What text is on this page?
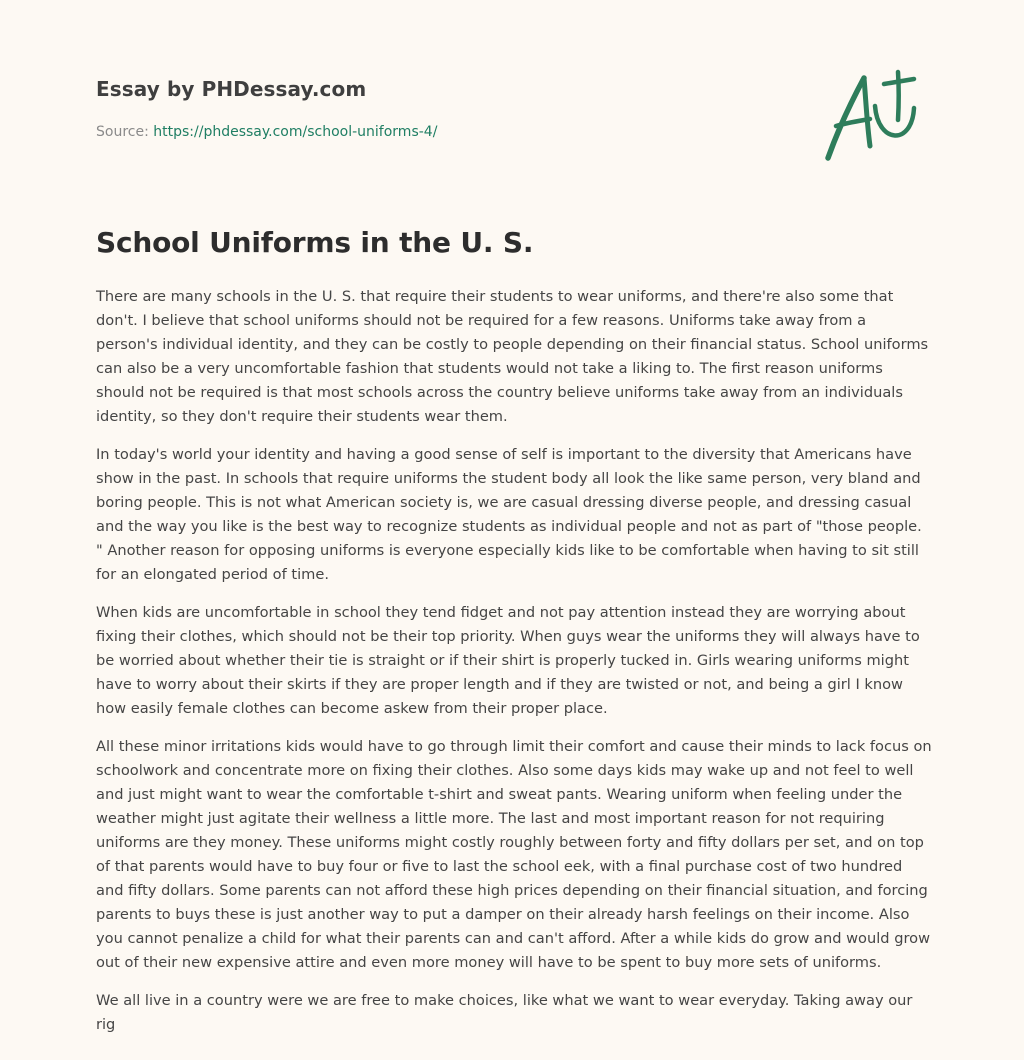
Essay by PHDessay.com
Source: https://phdessay.com/school-uniforms-4/
School Uniforms in the U. S.

There are many schools in the U. S. that require their students to wear uniforms, and there're also some that don't. I believe that school uniforms should not be required for a few reasons. Uniforms take away from a person's individual identity, and they can be costly to people depending on their financial status. School uniforms can also be a very uncomfortable fashion that students would not take a liking to. The first reason uniforms should not be required is that most schools across the country believe uniforms take away from an individuals identity, so they don't require their students wear them.

In today's world your identity and having a good sense of self is important to the diversity that Americans have show in the past. In schools that require uniforms the student body all look the like same person, very bland and boring people. This is not what American society is, we are casual dressing diverse people, and dressing casual and the way you like is the best way to recognize students as individual people and not as part of "those people. " Another reason for opposing uniforms is everyone especially kids like to be comfortable when having to sit still for an elongated period of time.

When kids are uncomfortable in school they tend fidget and not pay attention instead they are worrying about fixing their clothes, which should not be their top priority. When guys wear the uniforms they will always have to be worried about whether their tie is straight or if their shirt is properly tucked in. Girls wearing uniforms might have to worry about their skirts if they are proper length and if they are twisted or not, and being a girl I know how easily female clothes can become askew from their proper place.

All these minor irritations kids would have to go through limit their comfort and cause their minds to lack focus on schoolwork and concentrate more on fixing their clothes. Also some days kids may wake up and not feel to well and just might want to wear the comfortable t-shirt and sweat pants. Wearing uniform when feeling under the weather might just agitate their wellness a little more. The last and most important reason for not requiring uniforms are they money. These uniforms might costly roughly between forty and fifty dollars per set, and on top of that parents would have to buy four or five to last the school eek, with a final purchase cost of two hundred and fifty dollars. Some parents can not afford these high prices depending on their financial situation, and forcing parents to buys these is just another way to put a damper on their already harsh feelings on their income. Also you cannot penalize a child for what their parents can and can't afford. After a while kids do grow and would grow out of their new expensive attire and even more money will have to be spent to buy more sets of uniforms.

We all live in a country were we are free to make choices, like what we want to wear everyday. Taking away our rig
